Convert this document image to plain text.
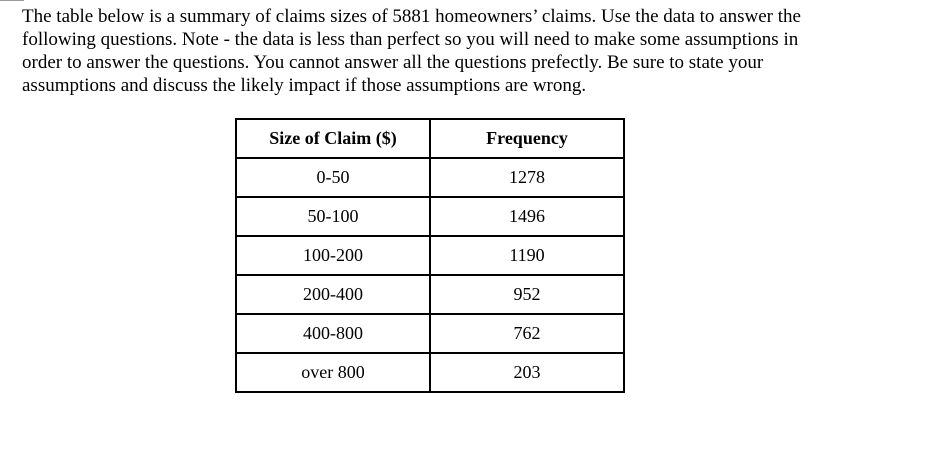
The table below is a summary of claims sizes of 5881 homeowners’ claims. Use the data to answer the
following questions. Note - the data is less than perfect so you will need to make some assumptions in
order to answer the questions. You cannot answer all the questions prefectly. Be sure to state your
assumptions and discuss the likely impact if those assumptions are wrong.

Size of Claim ($)	Frequency
0-50	1278
50-100	1496
100-200	1190
200-400	952
400-800	762
over 800	203
